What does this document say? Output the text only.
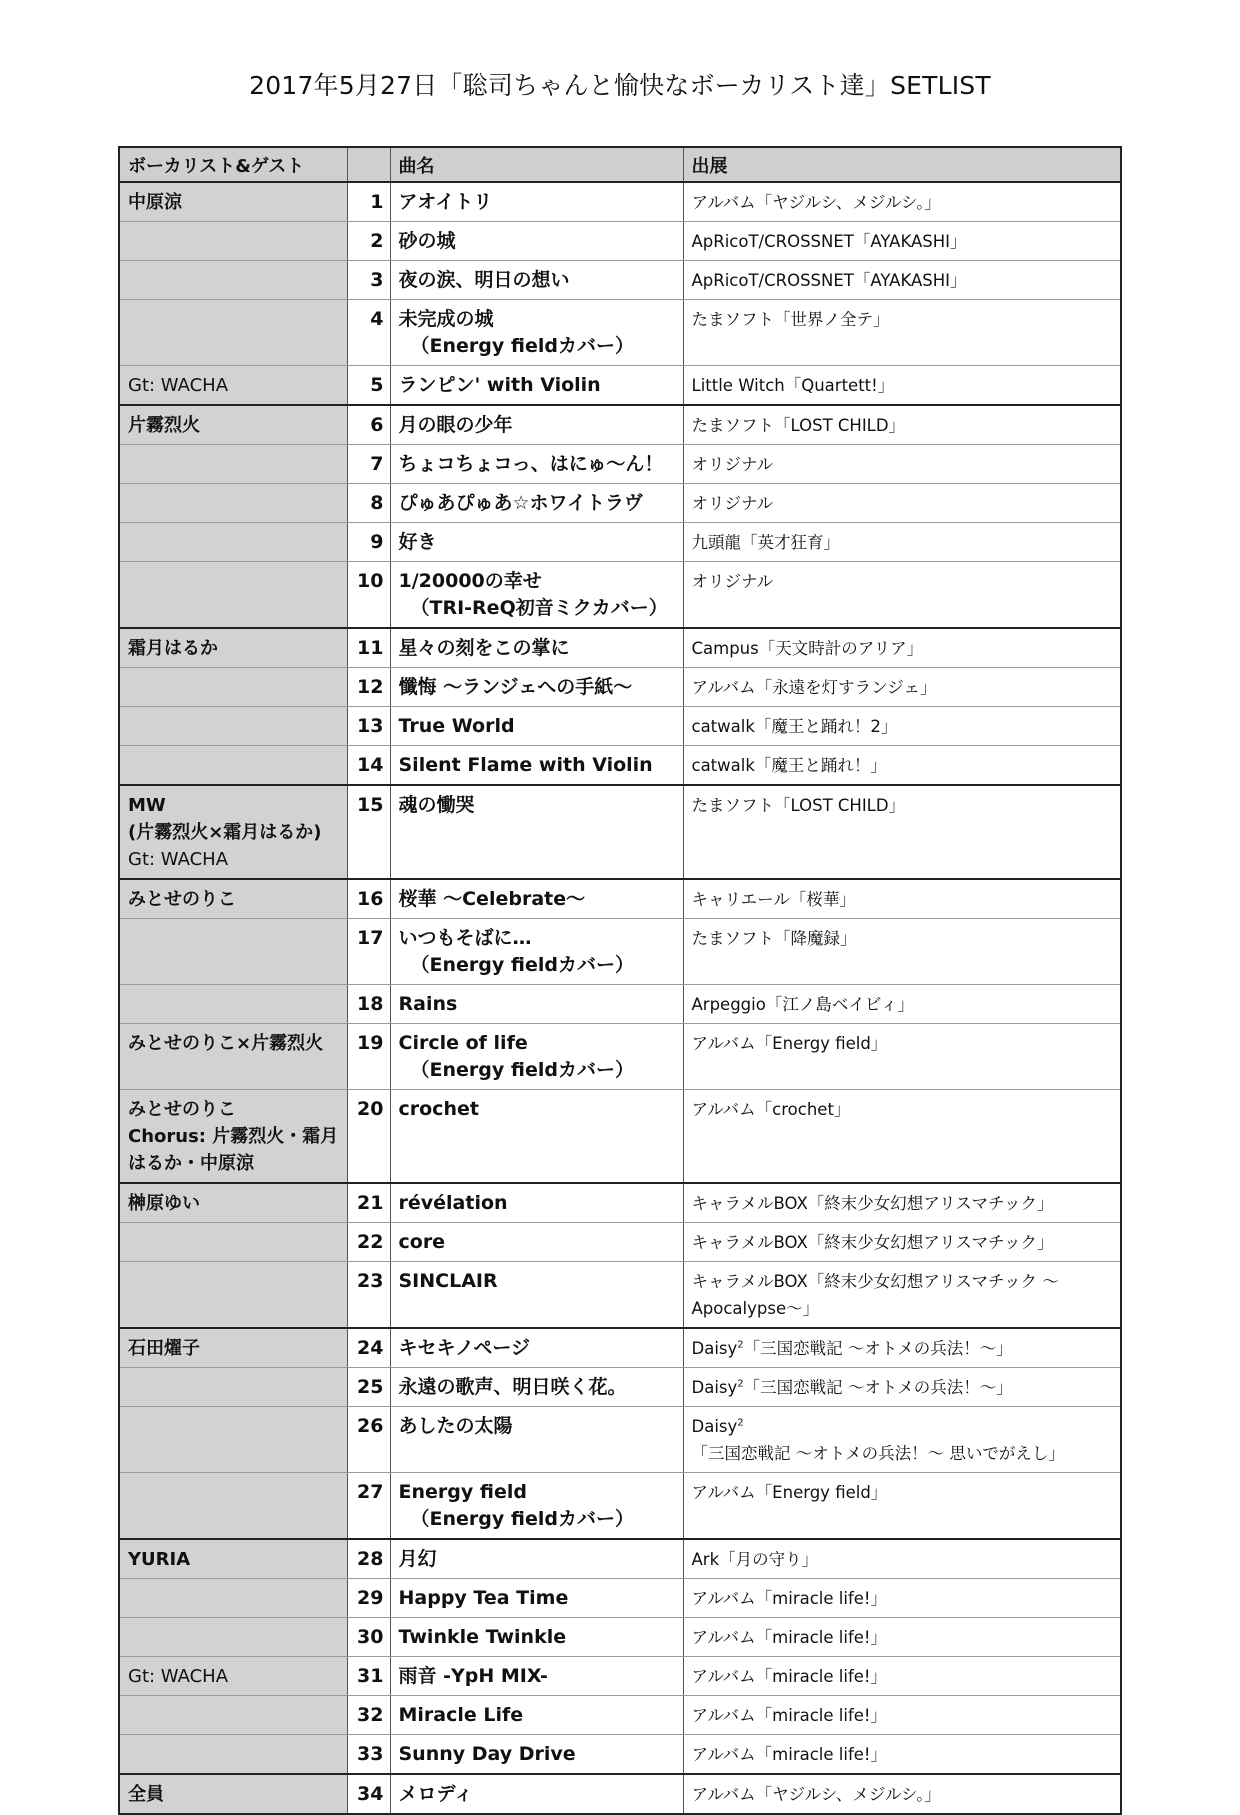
2017年5月27日「聡司ちゃんと愉快なボーカリスト達」SETLIST
ボーカリスト&ゲスト		曲名	出展

中原涼	1	アオイトリ	アルバム「ヤジルシ、メジルシ。」
	2	砂の城	ApRicoT/CROSSNET「AYAKASHI」
	3	夜の涙、明日の想い	ApRicoT/CROSSNET「AYAKASHI」
	4	未完成の城
（Energy fieldカバー）	たまソフト「世界ノ全テ」

Gt: WACHA	5	ランピン' with Violin	Little Witch「Quartett!」

片霧烈火	6	月の眼の少年	たまソフト「LOST CHILD」
	7	ちょコちょコっ、はにゅ〜ん！	オリジナル
	8	ぴゅあぴゅあ☆ホワイトラヴ	オリジナル
	9	好き	九頭龍「英才狂育」
	10	1/20000の幸せ
（TRI-ReQ初音ミクカバー）	オリジナル

霜月はるか	11	星々の刻をこの掌に	Campus「天文時計のアリア」
	12	懺悔 〜ランジェへの手紙〜	アルバム「永遠を灯すランジェ」
	13	True World	catwalk「魔王と踊れ！2」
	14	Silent Flame with Violin	catwalk「魔王と踊れ！」

MW
(片霧烈火×霜月はるか)
Gt: WACHA	15	魂の慟哭	たまソフト「LOST CHILD」

みとせのりこ	16	桜華 〜Celebrate〜	キャリエール「桜華」
	17	いつもそばに…
（Energy fieldカバー）	たまソフト「降魔録」
	18	Rains	Arpeggio「江ノ島ベイビィ」

みとせのりこ×片霧烈火	19	Circle of life
（Energy fieldカバー）	アルバム「Energy field」

みとせのりこ
Chorus: 片霧烈火・霜月
はるか・中原涼	20	crochet	アルバム「crochet」

榊原ゆい	21	révélation	キャラメルBOX「終末少女幻想アリスマチック」
	22	core	キャラメルBOX「終末少女幻想アリスマチック」
	23	SINCLAIR	キャラメルBOX「終末少女幻想アリスマチック 〜Apocalypse〜」

石田燿子	24	キセキノページ	Daisy$^2$「三国恋戦記 〜オトメの兵法！〜」
	25	永遠の歌声、明日咲く花。	Daisy$^2$「三国恋戦記 〜オトメの兵法！〜」
	26	あしたの太陽	Daisy$^2$「三国恋戦記 〜オトメの兵法！〜 思いでがえし」
	27	Energy field
（Energy fieldカバー）	アルバム「Energy field」

YURIA	28	月幻	Ark「月の守り」
	29	Happy Tea Time	アルバム「miracle life!」
	30	Twinkle Twinkle	アルバム「miracle life!」

Gt: WACHA	31	雨音 -YpH MIX-	アルバム「miracle life!」
	32	Miracle Life	アルバム「miracle life!」
	33	Sunny Day Drive	アルバム「miracle life!」

全員	34	メロディ	アルバム「ヤジルシ、メジルシ。」
